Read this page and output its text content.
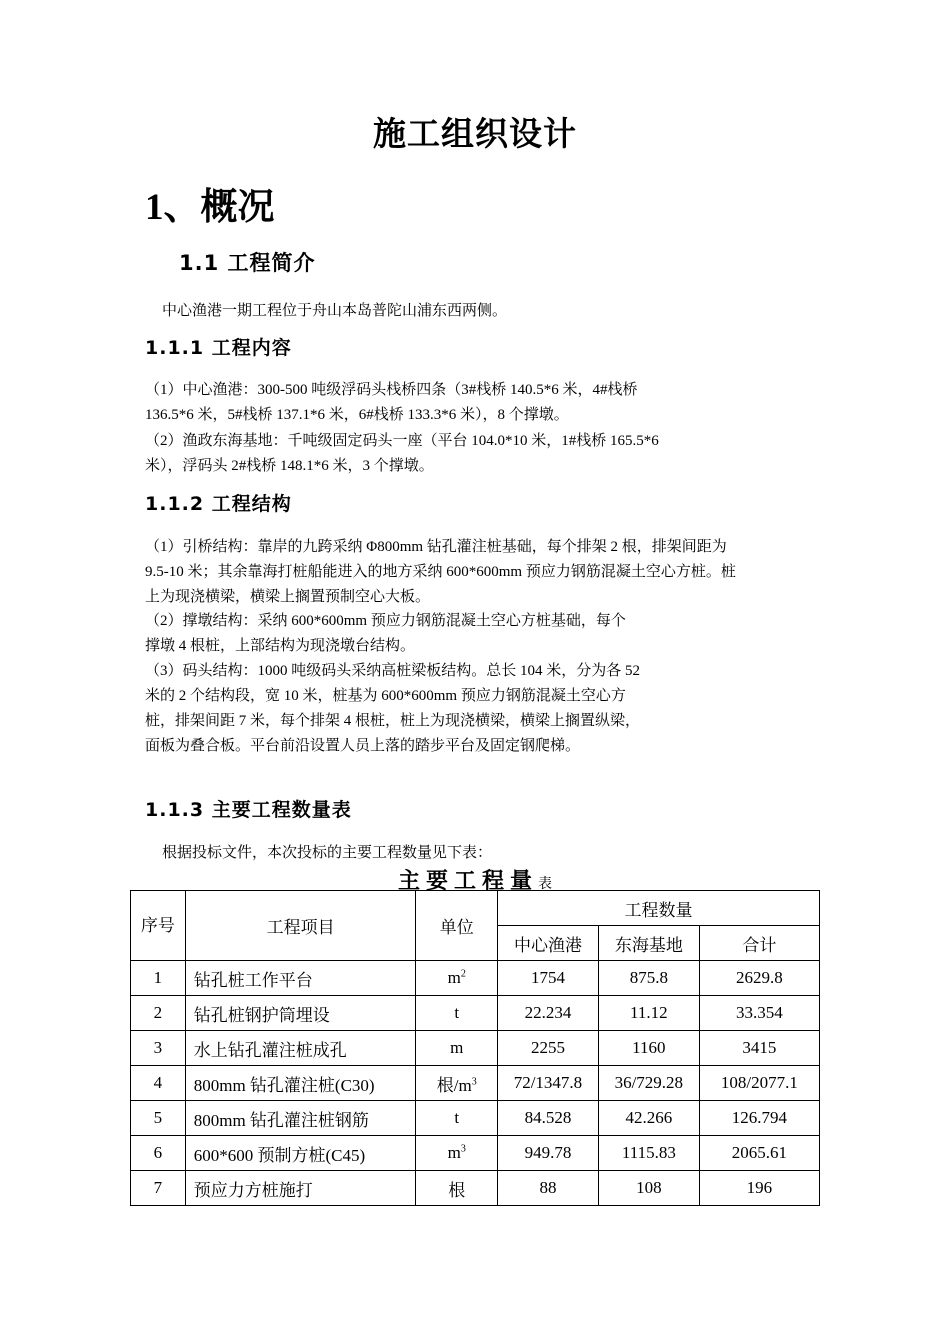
施工组织设计
1、概况
1.1 工程简介
中心渔港一期工程位于舟山本岛普陀山浦东西两侧。
1.1.1 工程内容
（1）中心渔港：300-500 吨级浮码头栈桥四条（3#栈桥 140.5*6 米，4#栈桥
136.5*6 米，5#栈桥 137.1*6 米，6#栈桥 133.3*6 米），8 个撑墩。
（2）渔政东海基地：千吨级固定码头一座（平台 104.0*10 米，1#栈桥 165.5*6
米），浮码头 2#栈桥 148.1*6 米，3 个撑墩。
1.1.2 工程结构
（1）引桥结构：靠岸的九跨采纳 Φ800mm 钻孔灌注桩基础，每个排架 2 根，排架间距为
9.5-10 米；其余靠海打桩船能进入的地方采纳 600*600mm 预应力钢筋混凝土空心方桩。桩
上为现浇横梁，横梁上搁置预制空心大板。
（2）撑墩结构：采纳 600*600mm 预应力钢筋混凝土空心方桩基础，每个
撑墩 4 根桩，上部结构为现浇墩台结构。
（3）码头结构：1000 吨级码头采纳高桩梁板结构。总长 104 米，分为各 52
米的 2 个结构段，宽 10 米，桩基为 600*600mm 预应力钢筋混凝土空心方
桩，排架间距 7 米，每个排架 4 根桩，桩上为现浇横梁，横梁上搁置纵梁，
面板为叠合板。平台前沿设置人员上落的踏步平台及固定钢爬梯。
1.1.3 主要工程数量表
根据投标文件，本次投标的主要工程数量见下表：
主要工程量表
序号	工程项目	单位	工程数量		
			中心渔港	东海基地	合计
1	钻孔桩工作平台	$m^2$	1754	875.8	2629.8
2	钻孔桩钢护筒埋设	t	22.234	11.12	33.354
3	水上钻孔灌注桩成孔	m	2255	1160	3415
4	800mm 钻孔灌注桩(C30)	根$/m^3$	72/1347.8	36/729.28	108/2077.1
5	800mm 钻孔灌注桩钢筋	t	84.528	42.266	126.794
6	600*600 预制方桩(C45)	$m^3$	949.78	1115.83	2065.61
7	预应力方桩施打	根	88	108	196
